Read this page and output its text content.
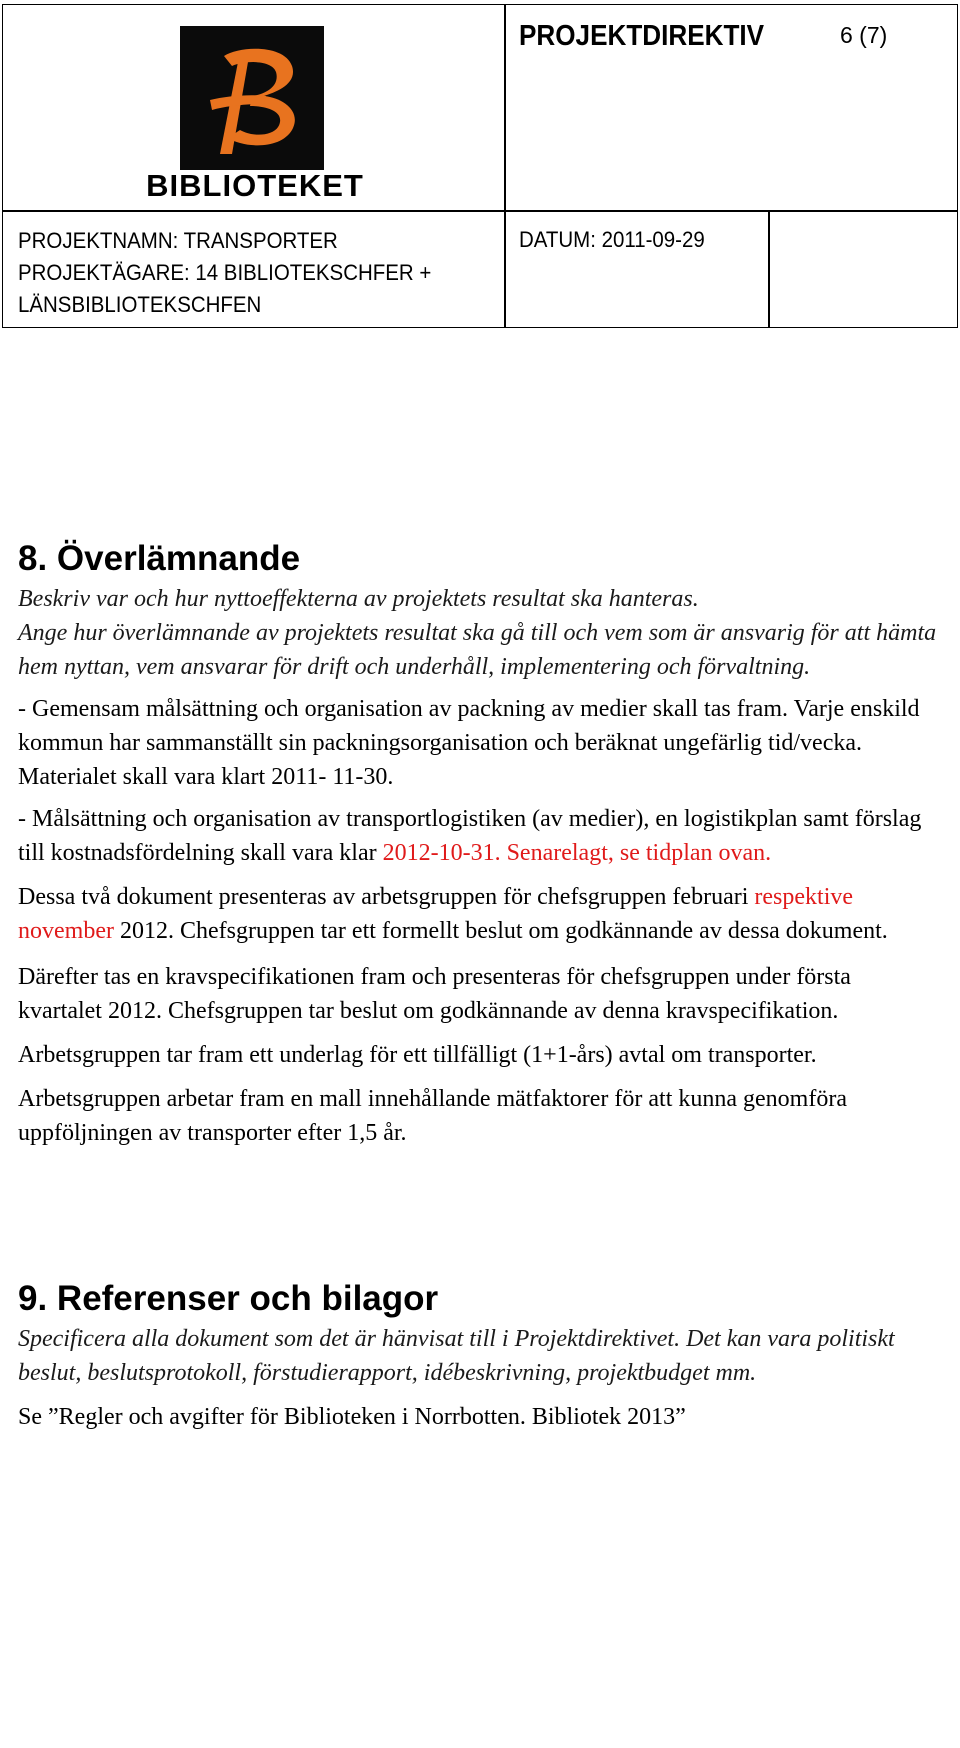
BIBLIOTEKET
PROJEKTDIREKTIV	6 (7)
PROJEKTNAMN: TRANSPORTER
PROJEKTÄGARE: 14 BIBLIOTEKSCHFER +
LÄNSBIBLIOTEKSCHFEN
DATUM: 2011-09-29
8. Överlämnande

Beskriv var och hur nyttoeffekterna av projektets resultat ska hanteras.

Ange hur överlämnande av projektets resultat ska gå till och vem som är ansvarig för att hämta hem nyttan, vem ansvarar för drift och underhåll, implementering och förvaltning.

- Gemensam målsättning och organisation av packning av medier skall tas fram. Varje enskild kommun har sammanställt sin packningsorganisation och beräknat ungefärlig tid/vecka. Materialet skall vara klart 2011- 11-30.

- Målsättning och organisation av transportlogistiken (av medier), en logistikplan samt förslag till kostnadsfördelning skall vara klar 2012-10-31. Senarelagt, se tidplan ovan.

Dessa två dokument presenteras av arbetsgruppen för chefsgruppen februari respektive november 2012. Chefsgruppen tar ett formellt beslut om godkännande av dessa dokument.

Därefter tas en kravspecifikationen fram och presenteras för chefsgruppen under första kvartalet 2012. Chefsgruppen tar beslut om godkännande av denna kravspecifikation.

Arbetsgruppen tar fram ett underlag för ett tillfälligt (1+1-års) avtal om transporter.

Arbetsgruppen arbetar fram en mall innehållande mätfaktorer för att kunna genomföra uppföljningen av transporter efter 1,5 år.

9. Referenser och bilagor

Specificera alla dokument som det är hänvisat till i Projektdirektivet. Det kan vara politiskt beslut, beslutsprotokoll, förstudierapport, idébeskrivning, projektbudget mm.

Se ”Regler och avgifter för Biblioteken i Norrbotten. Bibliotek 2013”
